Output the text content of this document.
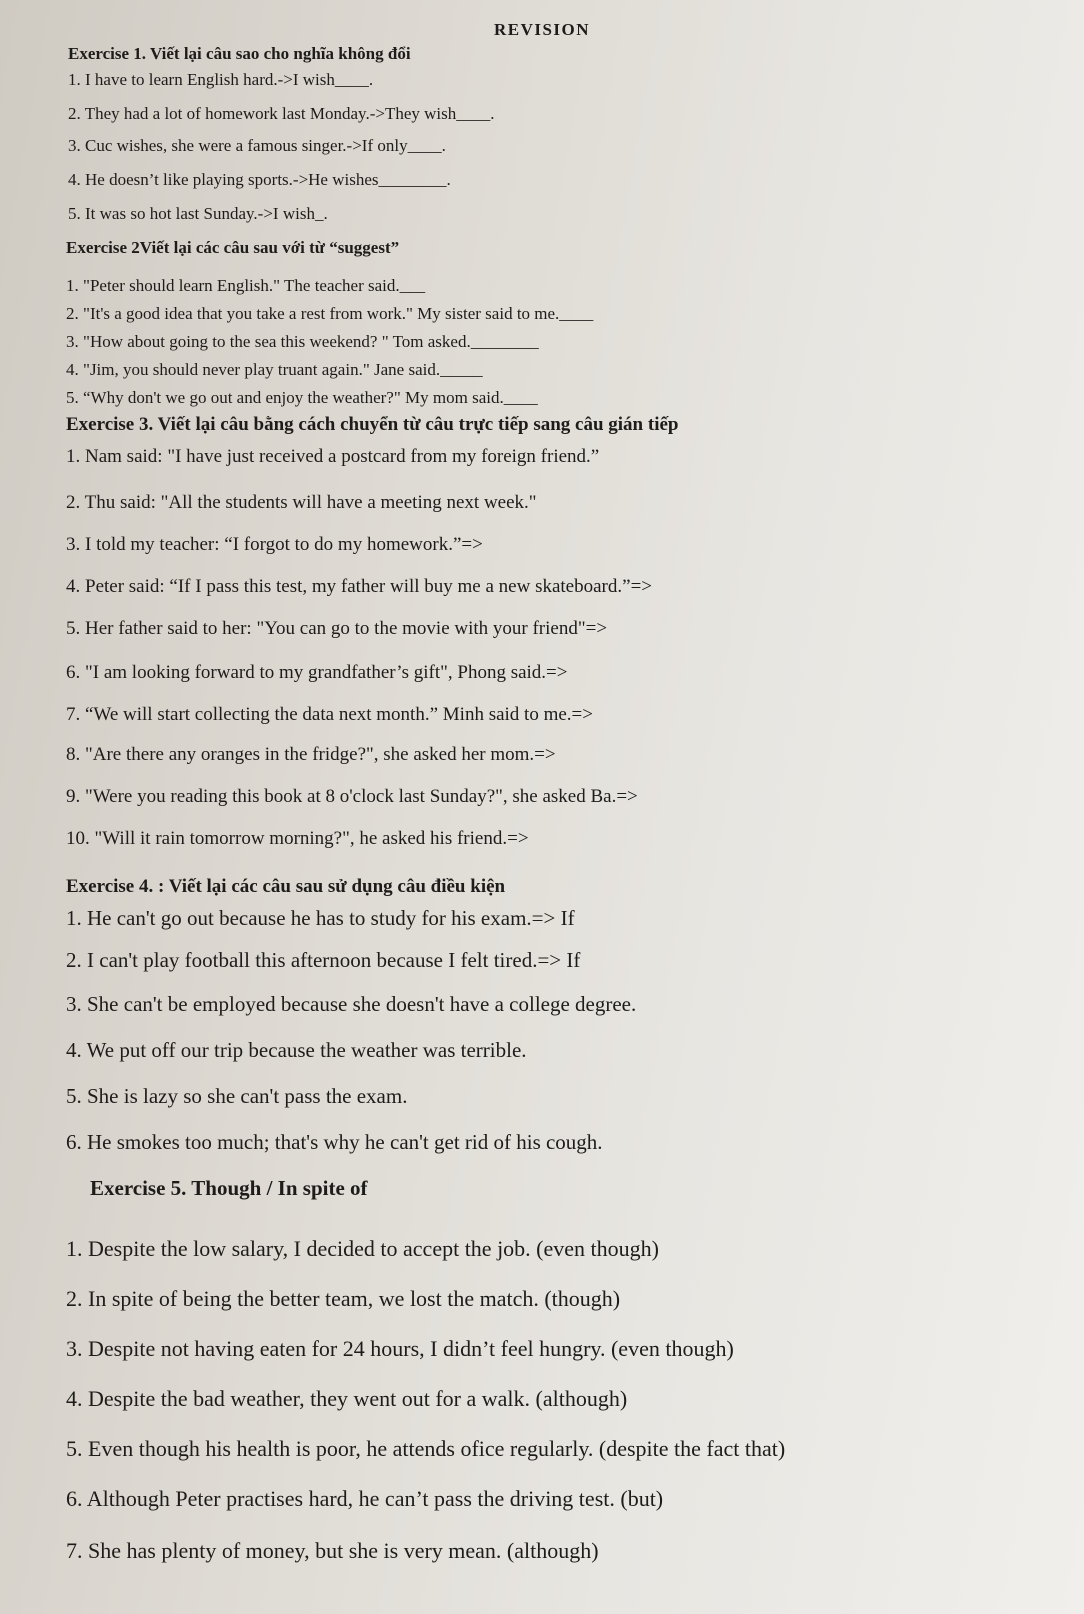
REVISION
Exercise 1. Viết lại câu sao cho nghĩa không đổi
1. I have to learn English hard.->I wish____.
2. They had a lot of homework last Monday.->They wish____.
3. Cuc wishes, she were a famous singer.->If only____.
4. He doesn’t like playing sports.->He wishes________.
5. It was so hot last Sunday.->I wish_.
Exercise 2Viết lại các câu sau với từ “suggest”
1. "Peter should learn English." The teacher said.___
2. "It's a good idea that you take a rest from work." My sister said to me.____
3. "How about going to the sea this weekend? " Tom asked.________
4. "Jim, you should never play truant again." Jane said._____
5. “Why don't we go out and enjoy the weather?" My mom said.____
Exercise 3. Viết lại câu bằng cách chuyển từ câu trực tiếp sang câu gián tiếp
1. Nam said: "I have just received a postcard from my foreign friend.”
2. Thu said: "All the students will have a meeting next week."
3. I told my teacher: “I forgot to do my homework.”=>
4. Peter said: “If I pass this test, my father will buy me a new skateboard.”=>
5. Her father said to her: "You can go to the movie with your friend"=>
6. "I am looking forward to my grandfather’s gift", Phong said.=>
7. “We will start collecting the data next month.” Minh said to me.=>
8. "Are there any oranges in the fridge?", she asked her mom.=>
9. "Were you reading this book at 8 o'clock last Sunday?", she asked Ba.=>
10. "Will it rain tomorrow morning?", he asked his friend.=>
Exercise 4. : Viết lại các câu sau sử dụng câu điều kiện
1. He can't go out because he has to study for his exam.=> If
2. I can't play football this afternoon because I felt tired.=> If
3. She can't be employed because she doesn't have a college degree.
4. We put off our trip because the weather was terrible.
5. She is lazy so she can't pass the exam.
6. He smokes too much; that's why he can't get rid of his cough.
Exercise 5. Though / In spite of
1. Despite the low salary, I decided to accept the job. (even though)
2. In spite of being the better team, we lost the match. (though)
3. Despite not having eaten for 24 hours, I didn’t feel hungry. (even though)
4. Despite the bad weather, they went out for a walk. (although)
5. Even though his health is poor, he attends ofice regularly. (despite the fact that)
6. Although Peter practises hard, he can’t pass the driving test. (but)
7. She has plenty of money, but she is very mean. (although)
